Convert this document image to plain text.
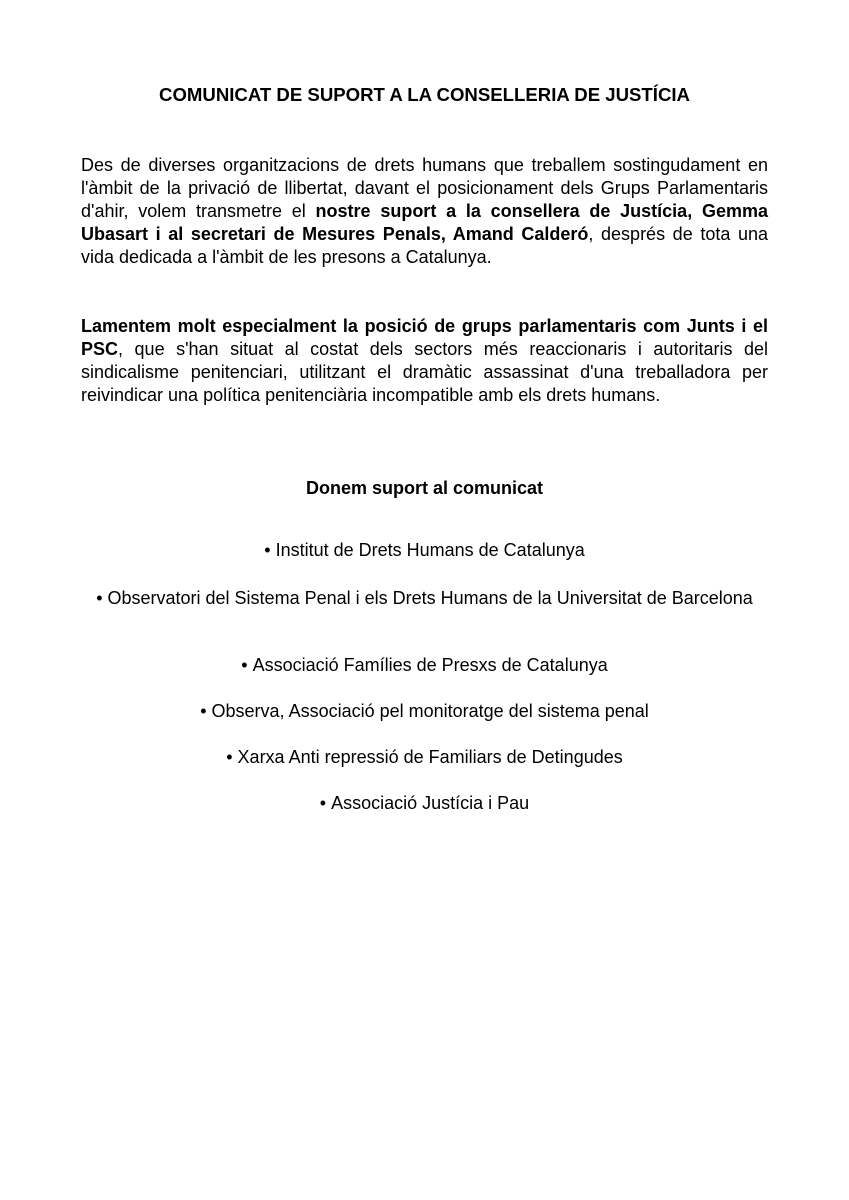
COMUNICAT DE SUPORT A LA CONSELLERIA DE JUSTÍCIA

Des de diverses organitzacions de drets humans que treballem sostingudament en l'àmbit de la privació de llibertat, davant el posicionament dels Grups Parlamentaris d'ahir, volem transmetre el nostre suport a la consellera de Justícia, Gemma Ubasart i al secretari de Mesures Penals, Amand Calderó, després de tota una vida dedicada a l'àmbit de les presons a Catalunya.

Lamentem molt especialment la posició de grups parlamentaris com Junts i el PSC, que s'han situat al costat dels sectors més reaccionaris i autoritaris del sindicalisme penitenciari, utilitzant el dramàtic assassinat d'una treballadora per reivindicar una política penitenciària incompatible amb els drets humans.

Donem suport al comunicat
• Institut de Drets Humans de Catalunya
• Observatori del Sistema Penal i els Drets Humans de la Universitat de Barcelona
• Associació Famílies de Presxs de Catalunya
• Observa, Associació pel monitoratge del sistema penal
• Xarxa Anti repressió de Familiars de Detingudes
• Associació Justícia i Pau
